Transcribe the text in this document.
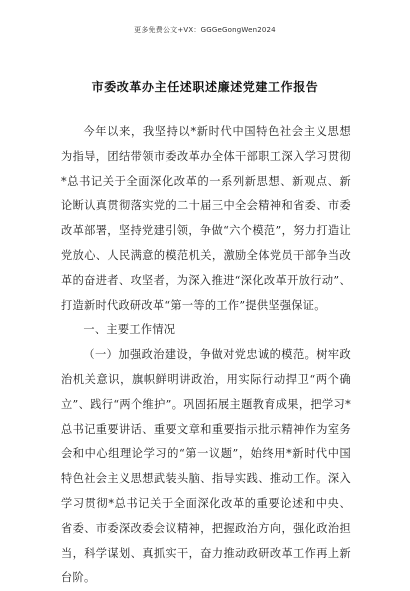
更多免费公文+VX：GGGeGongWen2024
市委改革办主任述职述廉述党建工作报告

今年以来，我坚持以*新时代中国特色社会主义思想为指导，团结带领市委改革办全体干部职工深入学习贯彻*总书记关于全面深化改革的一系列新思想、新观点、新论断认真贯彻落实党的二十届三中全会精神和省委、市委改革部署，坚持党建引领，争做“六个模范”，努力打造让党放心、人民满意的模范机关，激励全体党员干部争当改革的奋进者、攻坚者，为深入推进“深化改革开放行动”、打造新时代政研改革“第一等的工作”提供坚强保证。

一、主要工作情况

（一）加强政治建设，争做对党忠诚的模范。树牢政治机关意识，旗帜鲜明讲政治，用实际行动捍卫“两个确立”、践行“两个维护”。巩固拓展主题教育成果，把学习*总书记重要讲话、重要文章和重要指示批示精神作为室务会和中心组理论学习的“第一议题”，始终用*新时代中国特色社会主义思想武装头脑、指导实践、推动工作。深入学习贯彻*总书记关于全面深化改革的重要论述和中央、省委、市委深改委会议精神，把握政治方向，强化政治担当，科学谋划、真抓实干，奋力推动政研改革工作再上新台阶。
